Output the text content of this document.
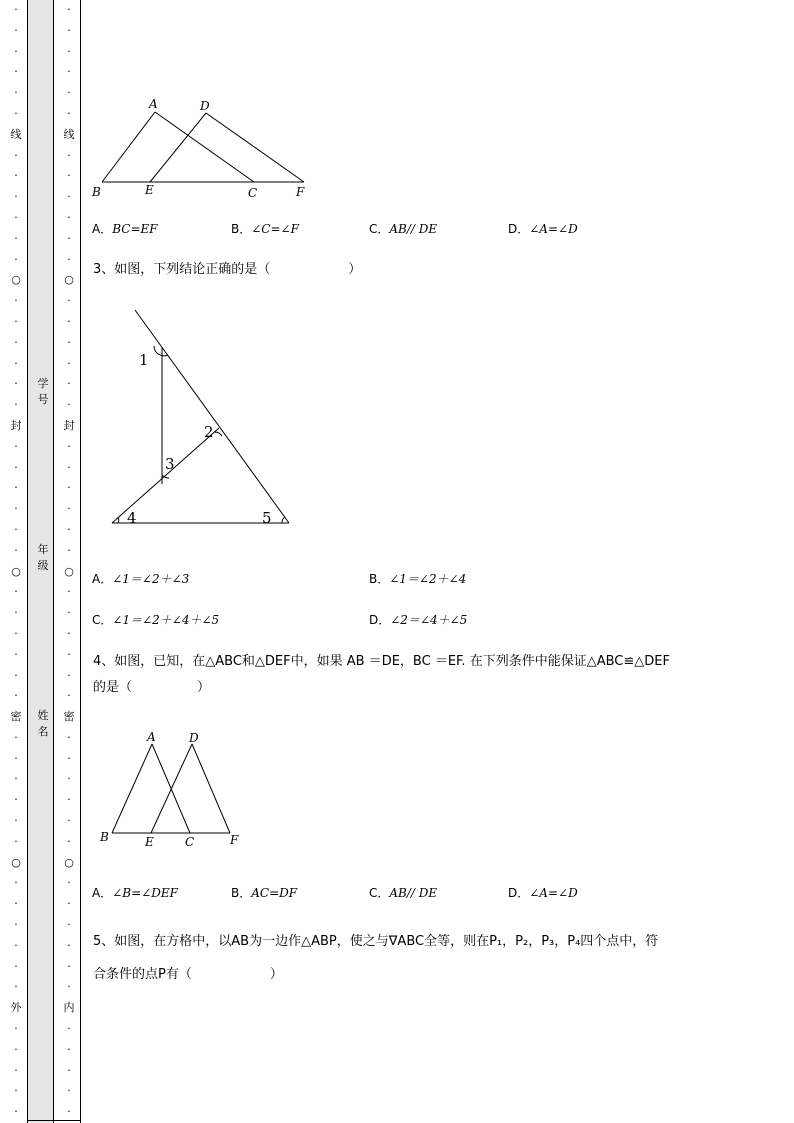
·
·
·
·
·
·
线
·
·
·
·
·
·
○
·
·
·
·
·
·
封
·
·
·
·
·
·
○
·
·
·
·
·
·
密
·
·
·
·
·
·
○
·
·
·
·
·
·
外
·
·
·
·
·
·
·
·
·
·
·
线
·
·
·
·
·
·
○
·
·
·
·
·
·
封
·
·
·
·
·
·
○
·
·
·
·
·
·
密
·
·
·
·
·
·
○
·
·
·
·
·
·
内
·
·
·
·
·
学号
年级
姓名
A	D
B	E	C	F
A．BC=EF	B．∠C=∠F	C．AB// DE	D．∠A=∠D
3、如图，下列结论正确的是（　　　　　　）
1
2
3
4	5
A．∠1＝∠2＋∠3	B．∠1＝∠2＋∠4
C．∠1＝∠2＋∠4＋∠5	D．∠2＝∠4＋∠5
4、如图，已知，在△ABC和△DEF中，如果 AB ＝DE，BC ＝EF. 在下列条件中能保证△ABC≌△DEF
的是（　　　　　）
A	D
B	E	C	F
A．∠B=∠DEF	B．AC=DF	C．AB// DE	D．∠A=∠D
5、如图，在方格中，以AB为一边作△ABP，使之与∇ABC全等，则在P₁，P₂，P₃，P₄四个点中，符
合条件的点P有（　　　　　　）
